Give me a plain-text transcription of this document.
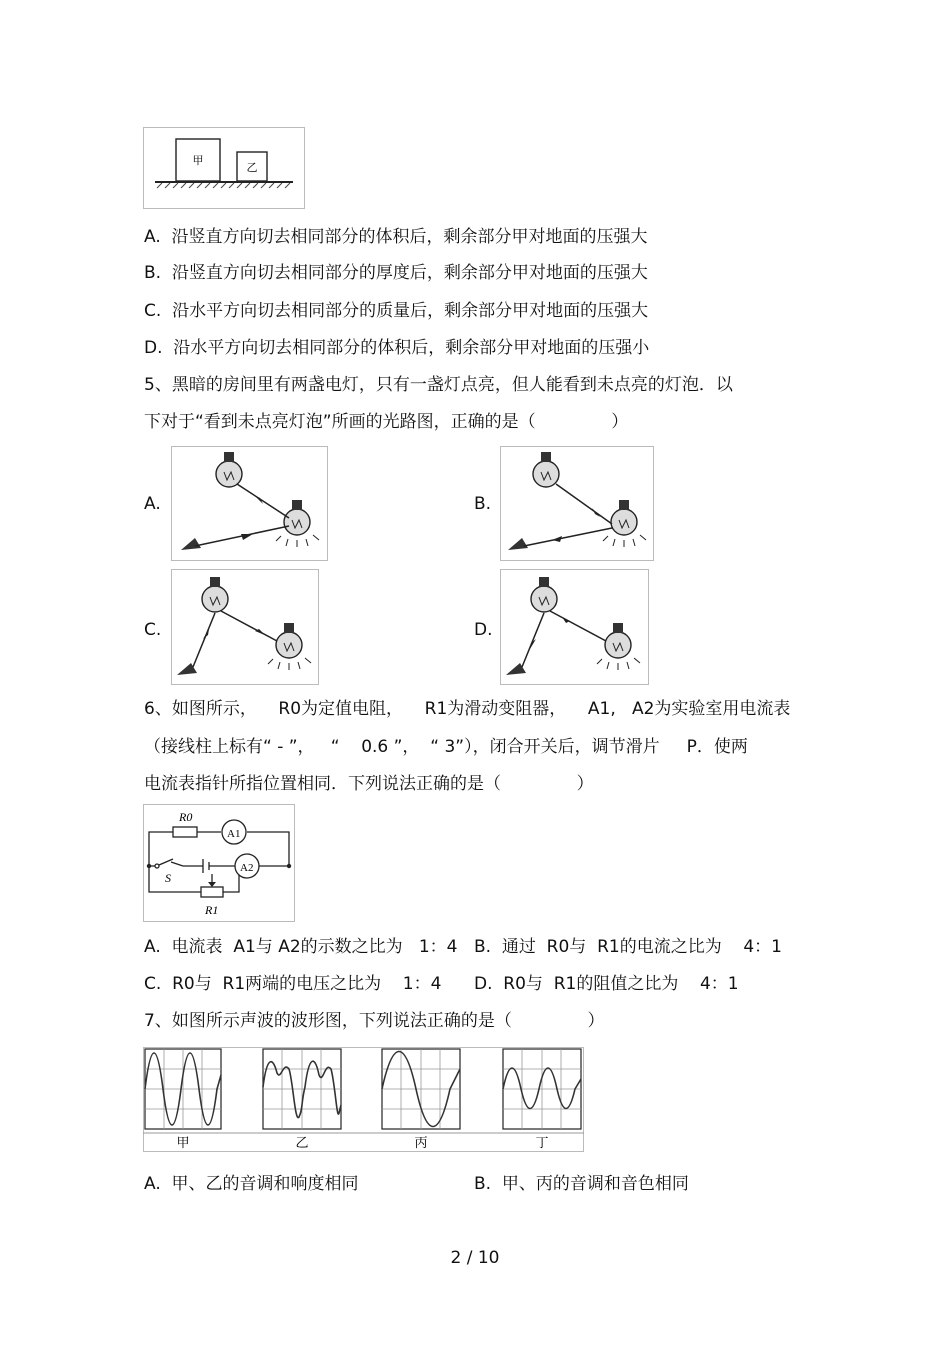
甲
乙
A.  沿竖直方向切去相同部分的体积后，剩余部分甲对地面的压强大
B.  沿竖直方向切去相同部分的厚度后，剩余部分甲对地面的压强大
C.  沿水平方向切去相同部分的质量后，剩余部分甲对地面的压强大
D.  沿水平方向切去相同部分的体积后，剩余部分甲对地面的压强小
5、黑暗的房间里有两盏电灯，只有一盏灯点亮，但人能看到未点亮的灯泡．以
下对于“看到未点亮灯泡”所画的光路图，正确的是（              ）
A.	B.
C.	D.
6、如图所示，    R0为定值电阻，    R1为滑动变阻器，    A1,   A2为实验室用电流表
（接线柱上标有“ - ”，   “    0.6 ”，  “ 3”），闭合开关后，调节滑片     P．使两
电流表指针所指位置相同．下列说法正确的是（              ）
R0
A1
A2
S
R1
A.  电流表  A1与 A2的示数之比为   1：4 B.  通过  R0与  R1的电流之比为    4：1
C.  R0与  R1两端的电压之比为    1：4 D.  R0与  R1的阻值之比为    4：1
7、如图所示声波的波形图，下列说法正确的是（              ）
甲	乙	丙	丁
A.  甲、乙的音调和响度相同	B.  甲、丙的音调和音色相同
2 / 10
